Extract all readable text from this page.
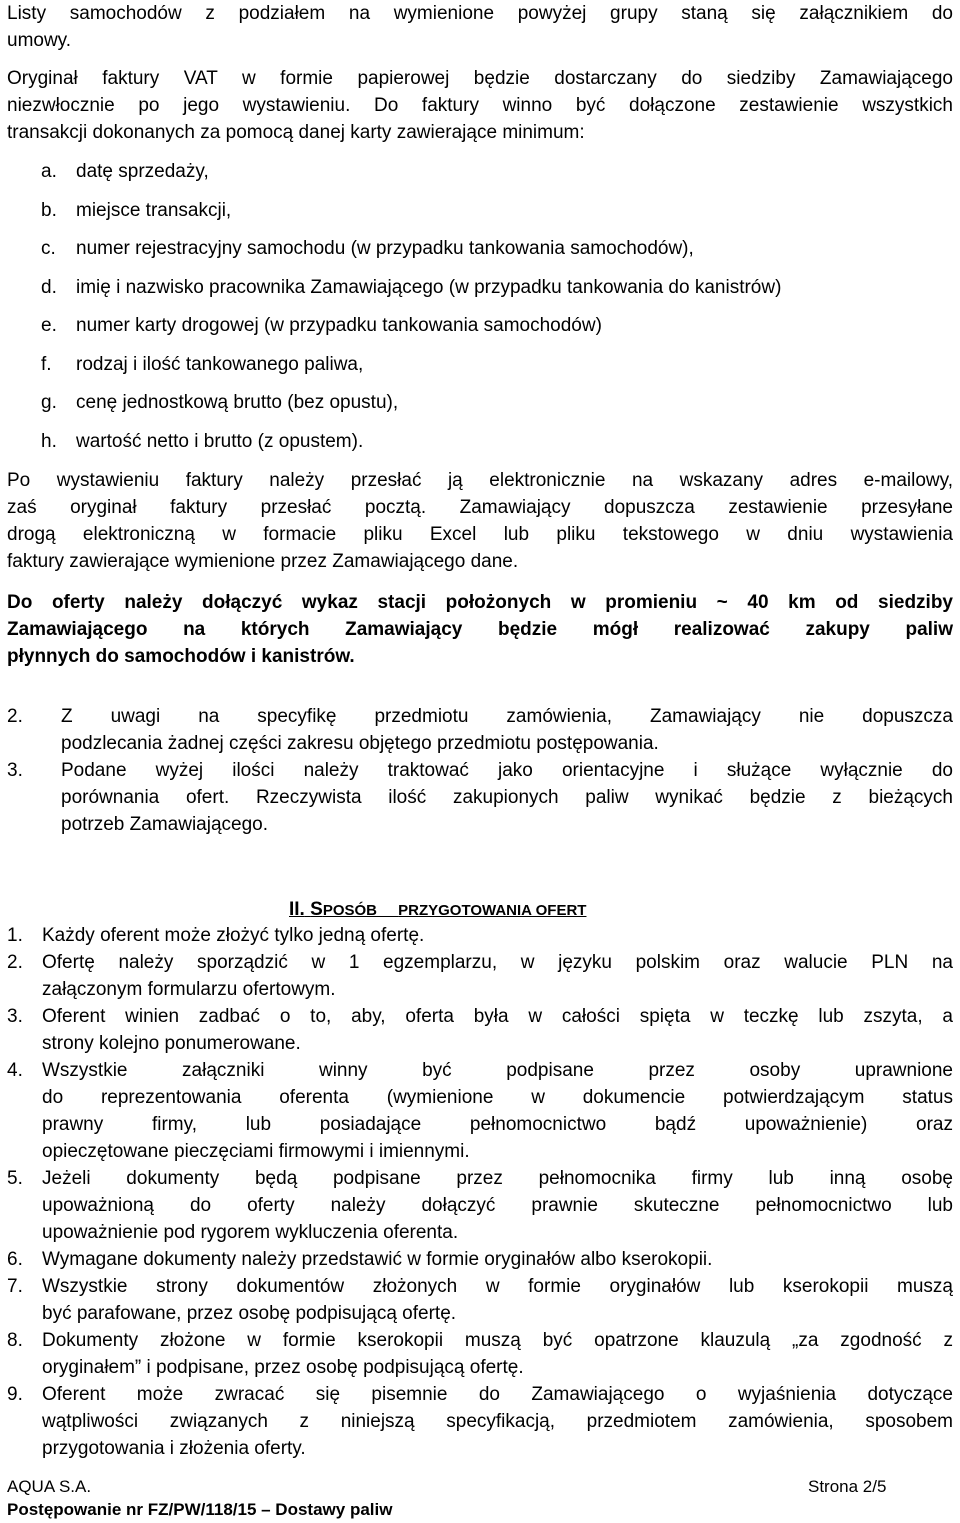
Listy samochodów z podziałem na wymienione powyżej grupy staną się załącznikiem do
umowy.
Oryginał faktury VAT w formie papierowej będzie dostarczany do siedziby Zamawiającego
niezwłocznie po jego wystawieniu. Do faktury winno być dołączone zestawienie wszystkich
transakcji dokonanych za pomocą danej karty zawierające minimum:
a. datę sprzedaży,
b. miejsce transakcji,
c. numer rejestracyjny samochodu (w przypadku tankowania samochodów),
d. imię i nazwisko pracownika Zamawiającego (w przypadku tankowania do kanistrów)
e. numer karty drogowej (w przypadku tankowania samochodów)
f. rodzaj i ilość tankowanego paliwa,
g. cenę jednostkową brutto (bez opustu),
h. wartość netto i brutto (z opustem).
Po wystawieniu faktury należy przesłać ją elektronicznie na wskazany adres e-mailowy,
zaś oryginał faktury przesłać pocztą. Zamawiający dopuszcza zestawienie przesyłane
drogą elektroniczną w formacie pliku Excel lub pliku tekstowego w dniu wystawienia
faktury zawierające wymienione przez Zamawiającego dane.
Do oferty należy dołączyć wykaz stacji położonych w promieniu ~ 40 km od siedziby
Zamawiającego na których Zamawiający będzie mógł realizować zakupy paliw
płynnych do samochodów i kanistrów.
2. Z uwagi na specyfikę przedmiotu zamówienia, Zamawiający nie dopuszcza
podzlecania żadnej części zakresu objętego przedmiotu postępowania.
3. Podane wyżej ilości należy traktować jako orientacyjne i służące wyłącznie do
porównania ofert. Rzeczywista ilość zakupionych paliw wynikać będzie z bieżących
potrzeb Zamawiającego.
II. SPOSÓB PRZYGOTOWANIA OFERT
1. Każdy oferent może złożyć tylko jedną ofertę.
2. Ofertę należy sporządzić w 1 egzemplarzu, w języku polskim oraz walucie PLN na
załączonym formularzu ofertowym.
3. Oferent winien zadbać o to, aby, oferta była w całości spięta w teczkę lub zszyta, a
strony kolejno ponumerowane.
4. Wszystkie załączniki winny być podpisane przez osoby uprawnione
do reprezentowania oferenta (wymienione w dokumencie potwierdzającym status
prawny firmy, lub posiadające pełnomocnictwo bądź upoważnienie) oraz
opieczętowane pieczęciami firmowymi i imiennymi.
5. Jeżeli dokumenty będą podpisane przez pełnomocnika firmy lub inną osobę
upoważnioną do oferty należy dołączyć prawnie skuteczne pełnomocnictwo lub
upoważnienie pod rygorem wykluczenia oferenta.
6. Wymagane dokumenty należy przedstawić w formie oryginałów albo kserokopii.
7. Wszystkie strony dokumentów złożonych w formie oryginałów lub kserokopii muszą
być parafowane, przez osobę podpisującą ofertę.
8. Dokumenty złożone w formie kserokopii muszą być opatrzone klauzulą „za zgodność z
oryginałem” i podpisane, przez osobę podpisującą ofertę.
9. Oferent może zwracać się pisemnie do Zamawiającego o wyjaśnienia dotyczące
wątpliwości związanych z niniejszą specyfikacją, przedmiotem zamówienia, sposobem
przygotowania i złożenia oferty.
AQUA S.A.	Strona 2/5
Postępowanie nr FZ/PW/118/15 – Dostawy paliw
